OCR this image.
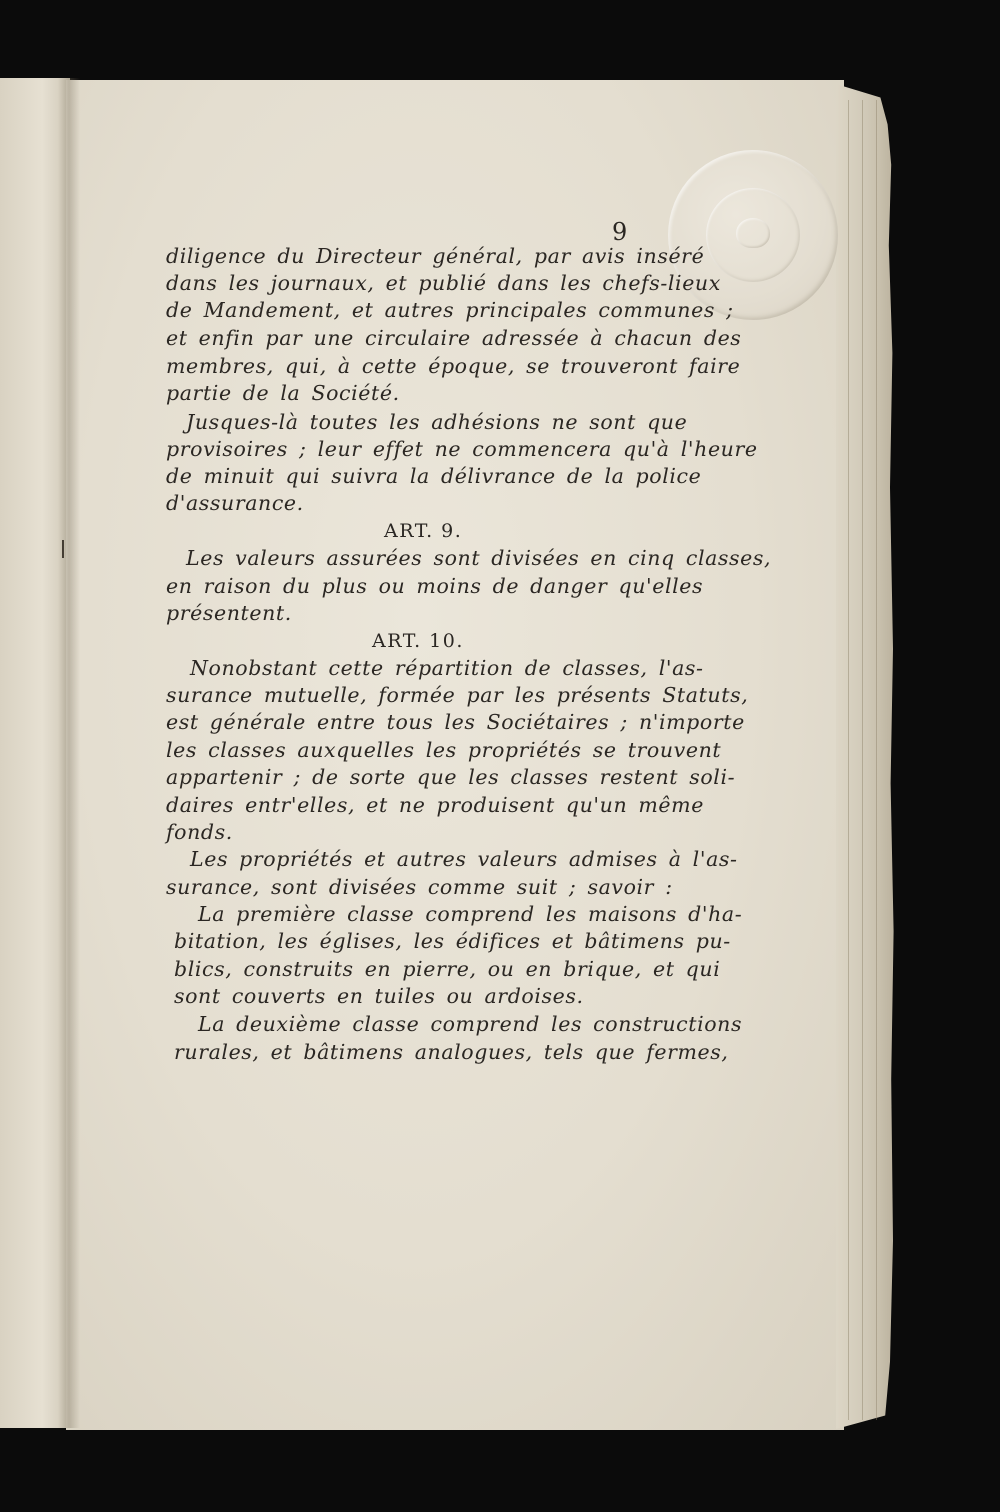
9
diligence du Directeur général, par avis inséré
dans les journaux, et publié dans les chefs-lieux
de Mandement, et autres principales communes ;
et enfin par une circulaire adressée à chacun des
membres, qui, à cette époque, se trouveront faire
partie de la Société.
Jusques-là toutes les adhésions ne sont que
provisoires ; leur effet ne commencera qu'à l'heure
de minuit qui suivra la délivrance de la police
d'assurance.
ART. 9.
Les valeurs assurées sont divisées en cinq classes,
en raison du plus ou moins de danger qu'elles
présentent.
ART. 10.
Nonobstant cette répartition de classes, l'as-
surance mutuelle, formée par les présents Statuts,
est générale entre tous les Sociétaires ; n'importe
les classes auxquelles les propriétés se trouvent
appartenir ; de sorte que les classes restent soli-
daires entr'elles, et ne produisent qu'un même
fonds.
Les propriétés et autres valeurs admises à l'as-
surance, sont divisées comme suit ; savoir :
La première classe comprend les maisons d'ha-
bitation, les églises, les édifices et bâtimens pu-
blics, construits en pierre, ou en brique, et qui
sont couverts en tuiles ou ardoises.
La deuxième classe comprend les constructions
rurales, et bâtimens analogues, tels que fermes,
